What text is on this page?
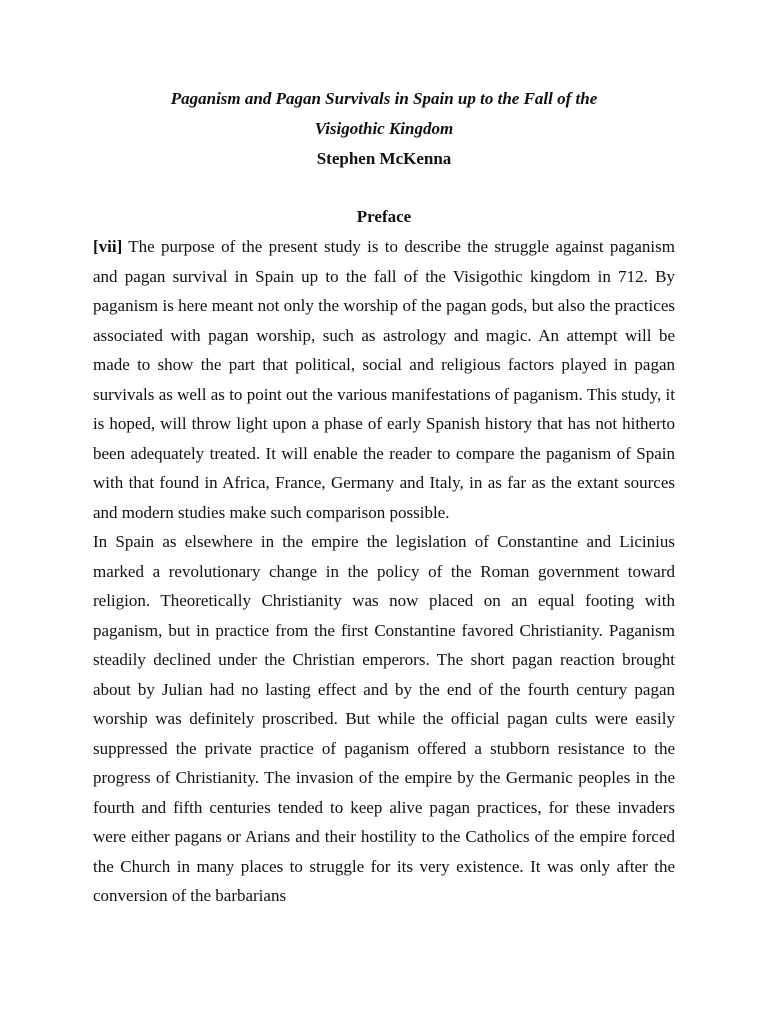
Paganism and Pagan Survivals in Spain up to the Fall of the

Visigothic Kingdom

Stephen McKenna

Preface

[vii] The purpose of the present study is to describe the struggle against paganism and pagan survival in Spain up to the fall of the Visigothic kingdom in 712. By paganism is here meant not only the worship of the pagan gods, but also the practices associated with pagan worship, such as astrology and magic. An attempt will be made to show the part that political, social and religious factors played in pagan survivals as well as to point out the various manifestations of paganism. This study, it is hoped, will throw light upon a phase of early Spanish history that has not hitherto been adequately treated. It will enable the reader to compare the paganism of Spain with that found in Africa, France, Germany and Italy, in as far as the extant sources and modern studies make such comparison possible.

In Spain as elsewhere in the empire the legislation of Constantine and Licinius marked a revolutionary change in the policy of the Roman government toward religion. Theoretically Christianity was now placed on an equal footing with paganism, but in practice from the first Constantine favored Christianity. Paganism steadily declined under the Christian emperors. The short pagan reaction brought about by Julian had no lasting effect and by the end of the fourth century pagan worship was definitely proscribed. But while the official pagan cults were easily suppressed the private practice of paganism offered a stubborn resistance to the progress of Christianity. The invasion of the empire by the Germanic peoples in the fourth and fifth centuries tended to keep alive pagan practices, for these invaders were either pagans or Arians and their hostility to the Catholics of the empire forced the Church in many places to struggle for its very existence. It was only after the conversion of the barbarians
